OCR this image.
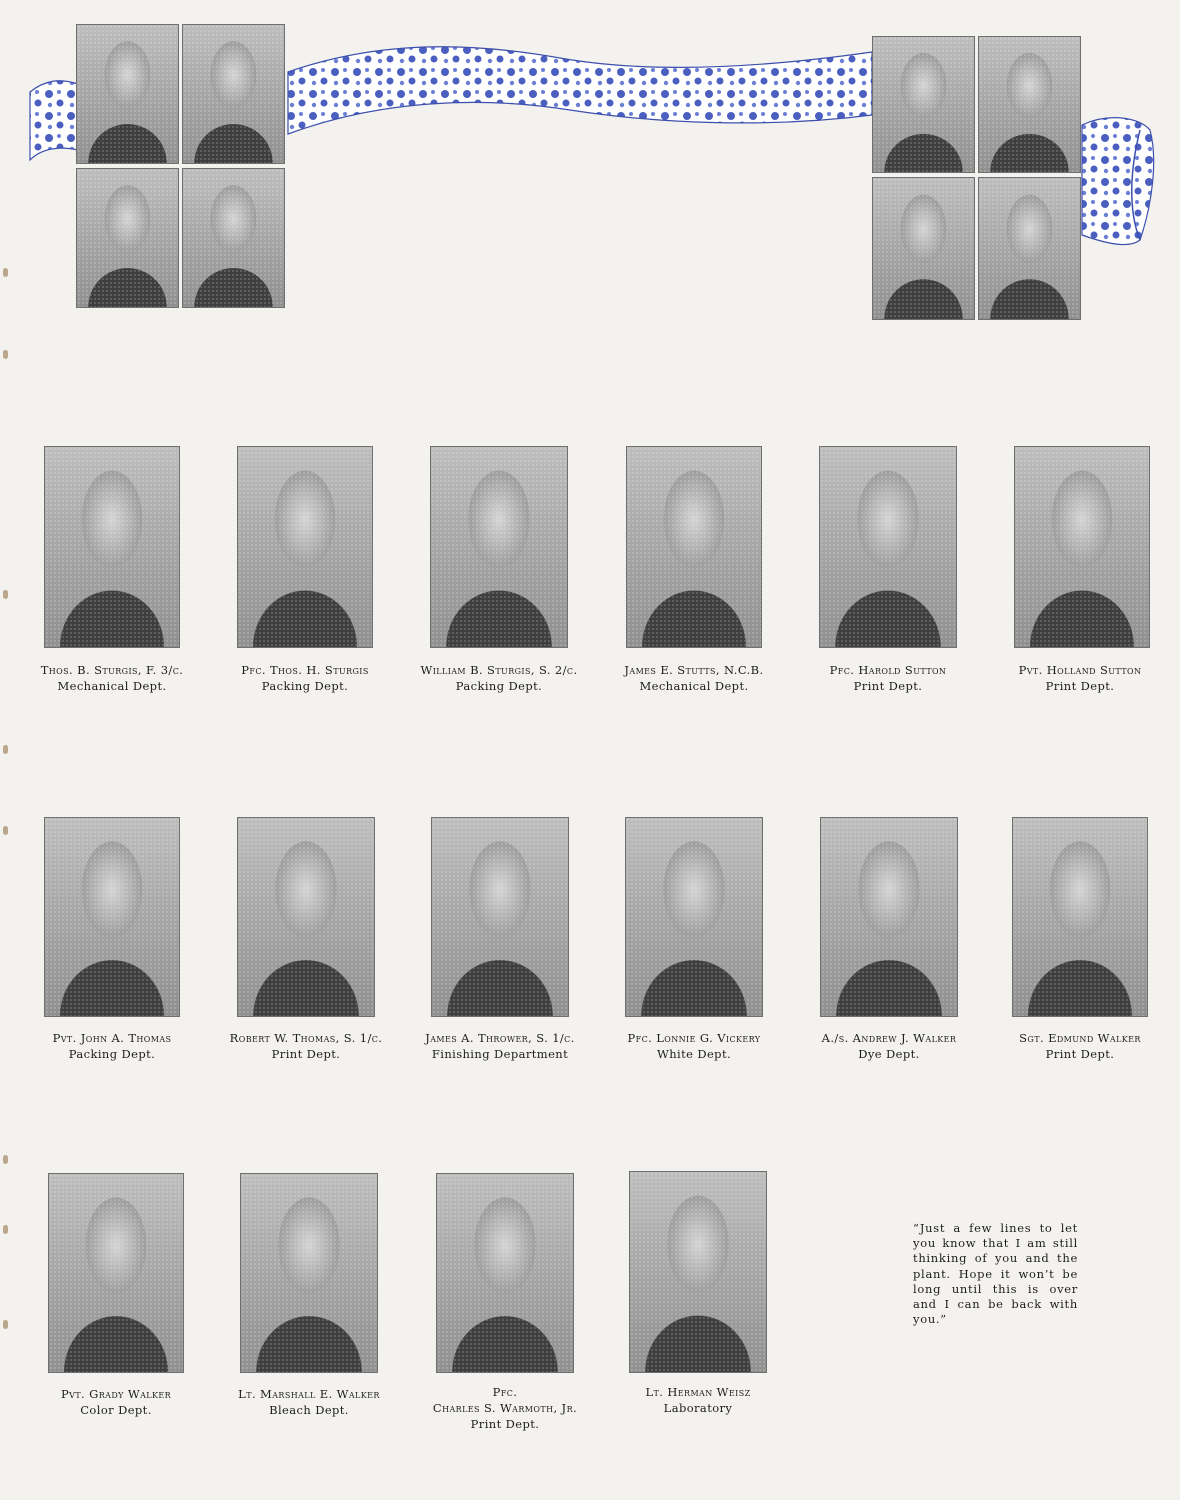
Thos. B. Sturgis, F. 3/c.
Mechanical Dept.
Pfc. Thos. H. Sturgis
Packing Dept.
William B. Sturgis, S. 2/c.
Packing Dept.
James E. Stutts, N.C.B.
Mechanical Dept.
Pfc. Harold Sutton
Print Dept.
Pvt. Holland Sutton
Print Dept.
Pvt. John A. Thomas
Packing Dept.
Robert W. Thomas, S. 1/c.
Print Dept.
James A. Thrower, S. 1/c.
Finishing Department
Pfc. Lonnie G. Vickery
White Dept.
A./s. Andrew J. Walker
Dye Dept.
Sgt. Edmund Walker
Print Dept.
Pvt. Grady Walker
Color Dept.
Lt. Marshall E. Walker
Bleach Dept.
Pfc.
Charles S. Warmoth, Jr.
Print Dept.
Lt. Herman Weisz
Laboratory
“Just a few lines to let you know that I am still thinking of you and the plant. Hope it won’t be long until this is over and I can be back with you.”
